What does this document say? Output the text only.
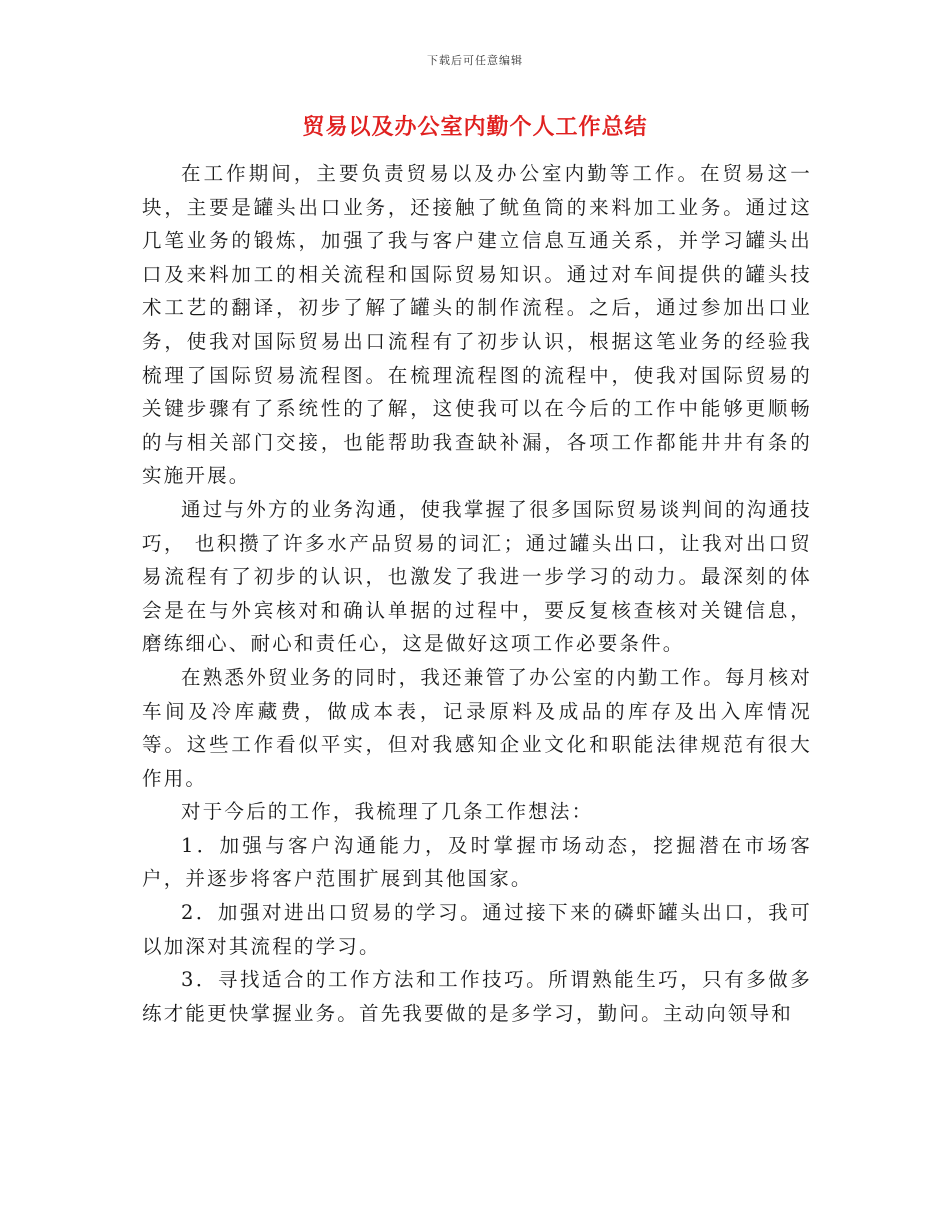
下载后可任意编辑
贸易以及办公室内勤个人工作总结

在工作期间，主要负责贸易以及办公室内勤等工作。在贸易这一块，主要是罐头出口业务，还接触了鱿鱼筒的来料加工业务。通过这几笔业务的锻炼，加强了我与客户建立信息互通关系，并学习罐头出口及来料加工的相关流程和国际贸易知识。通过对车间提供的罐头技术工艺的翻译，初步了解了罐头的制作流程。之后，通过参加出口业务，使我对国际贸易出口流程有了初步认识，根据这笔业务的经验我梳理了国际贸易流程图。在梳理流程图的流程中，使我对国际贸易的关键步骤有了系统性的了解，这使我可以在今后的工作中能够更顺畅的与相关部门交接，也能帮助我查缺补漏，各项工作都能井井有条的实施开展。

通过与外方的业务沟通，使我掌握了很多国际贸易谈判间的沟通技巧， 也积攒了许多水产品贸易的词汇；通过罐头出口，让我对出口贸易流程有了初步的认识，也激发了我进一步学习的动力。最深刻的体会是在与外宾核对和确认单据的过程中，要反复核查核对关键信息，磨练细心、耐心和责任心，这是做好这项工作必要条件。

在熟悉外贸业务的同时，我还兼管了办公室的内勤工作。每月核对车间及冷库藏费，做成本表，记录原料及成品的库存及出入库情况等。这些工作看似平实，但对我感知企业文化和职能法律规范有很大作用。

对于今后的工作，我梳理了几条工作想法：

1．加强与客户沟通能力，及时掌握市场动态，挖掘潜在市场客户，并逐步将客户范围扩展到其他国家。

2．加强对进出口贸易的学习。通过接下来的磷虾罐头出口，我可以加深对其流程的学习。

3．寻找适合的工作方法和工作技巧。所谓熟能生巧，只有多做多练才能更快掌握业务。首先我要做的是多学习，勤问。主动向领导和
